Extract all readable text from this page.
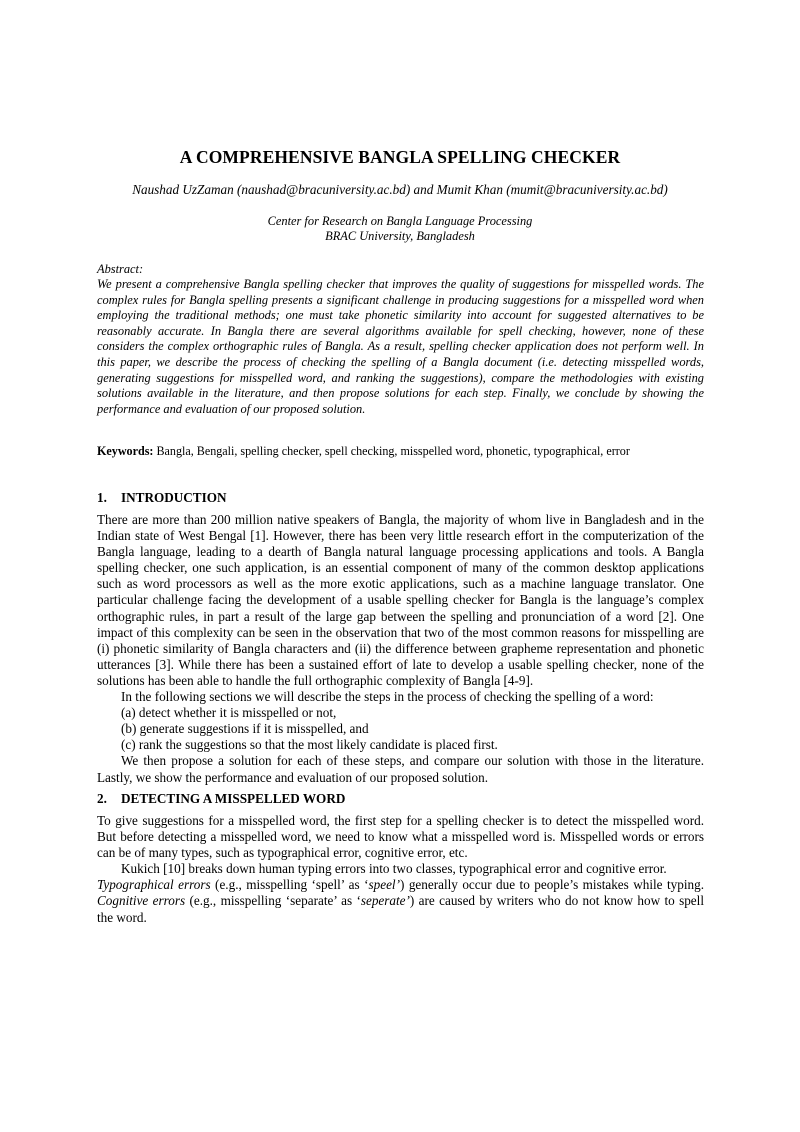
A COMPREHENSIVE BANGLA SPELLING CHECKER
Naushad UzZaman (naushad@bracuniversity.ac.bd) and Mumit Khan (mumit@bracuniversity.ac.bd)
Center for Research on Bangla Language Processing
BRAC University, Bangladesh
Abstract:
We present a comprehensive Bangla spelling checker that improves the quality of suggestions for misspelled words. The complex rules for Bangla spelling presents a significant challenge in producing suggestions for a misspelled word when employing the traditional methods; one must take phonetic similarity into account for suggested alternatives to be reasonably accurate. In Bangla there are several algorithms available for spell checking, however, none of these considers the complex orthographic rules of Bangla. As a result, spelling checker application does not perform well. In this paper, we describe the process of checking the spelling of a Bangla document (i.e. detecting misspelled words, generating suggestions for misspelled word, and ranking the suggestions), compare the methodologies with existing solutions available in the literature, and then propose solutions for each step. Finally, we conclude by showing the performance and evaluation of our proposed solution.
Keywords: Bangla, Bengali, spelling checker, spell checking, misspelled word, phonetic, typographical, error
1. INTRODUCTION

There are more than 200 million native speakers of Bangla, the majority of whom live in Bangladesh and in the Indian state of West Bengal [1]. However, there has been very little research effort in the computerization of the Bangla language, leading to a dearth of Bangla natural language processing applications and tools. A Bangla spelling checker, one such application, is an essential component of many of the common desktop applications such as word processors as well as the more exotic applications, such as a machine language translator. One particular challenge facing the development of a usable spelling checker for Bangla is the language’s complex orthographic rules, in part a result of the large gap between the spelling and pronunciation of a word [2]. One impact of this complexity can be seen in the observation that two of the most common reasons for misspelling are (i) phonetic similarity of Bangla characters and (ii) the difference between grapheme representation and phonetic utterances [3]. While there has been a sustained effort of late to develop a usable spelling checker, none of the solutions has been able to handle the full orthographic complexity of Bangla [4-9].

In the following sections we will describe the steps in the process of checking the spelling of a word:

(a) detect whether it is misspelled or not,

(b) generate suggestions if it is misspelled, and

(c) rank the suggestions so that the most likely candidate is placed first.

We then propose a solution for each of these steps, and compare our solution with those in the literature. Lastly, we show the performance and evaluation of our proposed solution.

2. DETECTING A MISSPELLED WORD

To give suggestions for a misspelled word, the first step for a spelling checker is to detect the misspelled word. But before detecting a misspelled word, we need to know what a misspelled word is. Misspelled words or errors can be of many types, such as typographical error, cognitive error, etc.

Kukich [10] breaks down human typing errors into two classes, typographical error and cognitive error.

Typographical errors (e.g., misspelling ‘spell’ as ‘speel’) generally occur due to people’s mistakes while typing. Cognitive errors (e.g., misspelling ‘separate’ as ‘seperate’) are caused by writers who do not know how to spell the word.
